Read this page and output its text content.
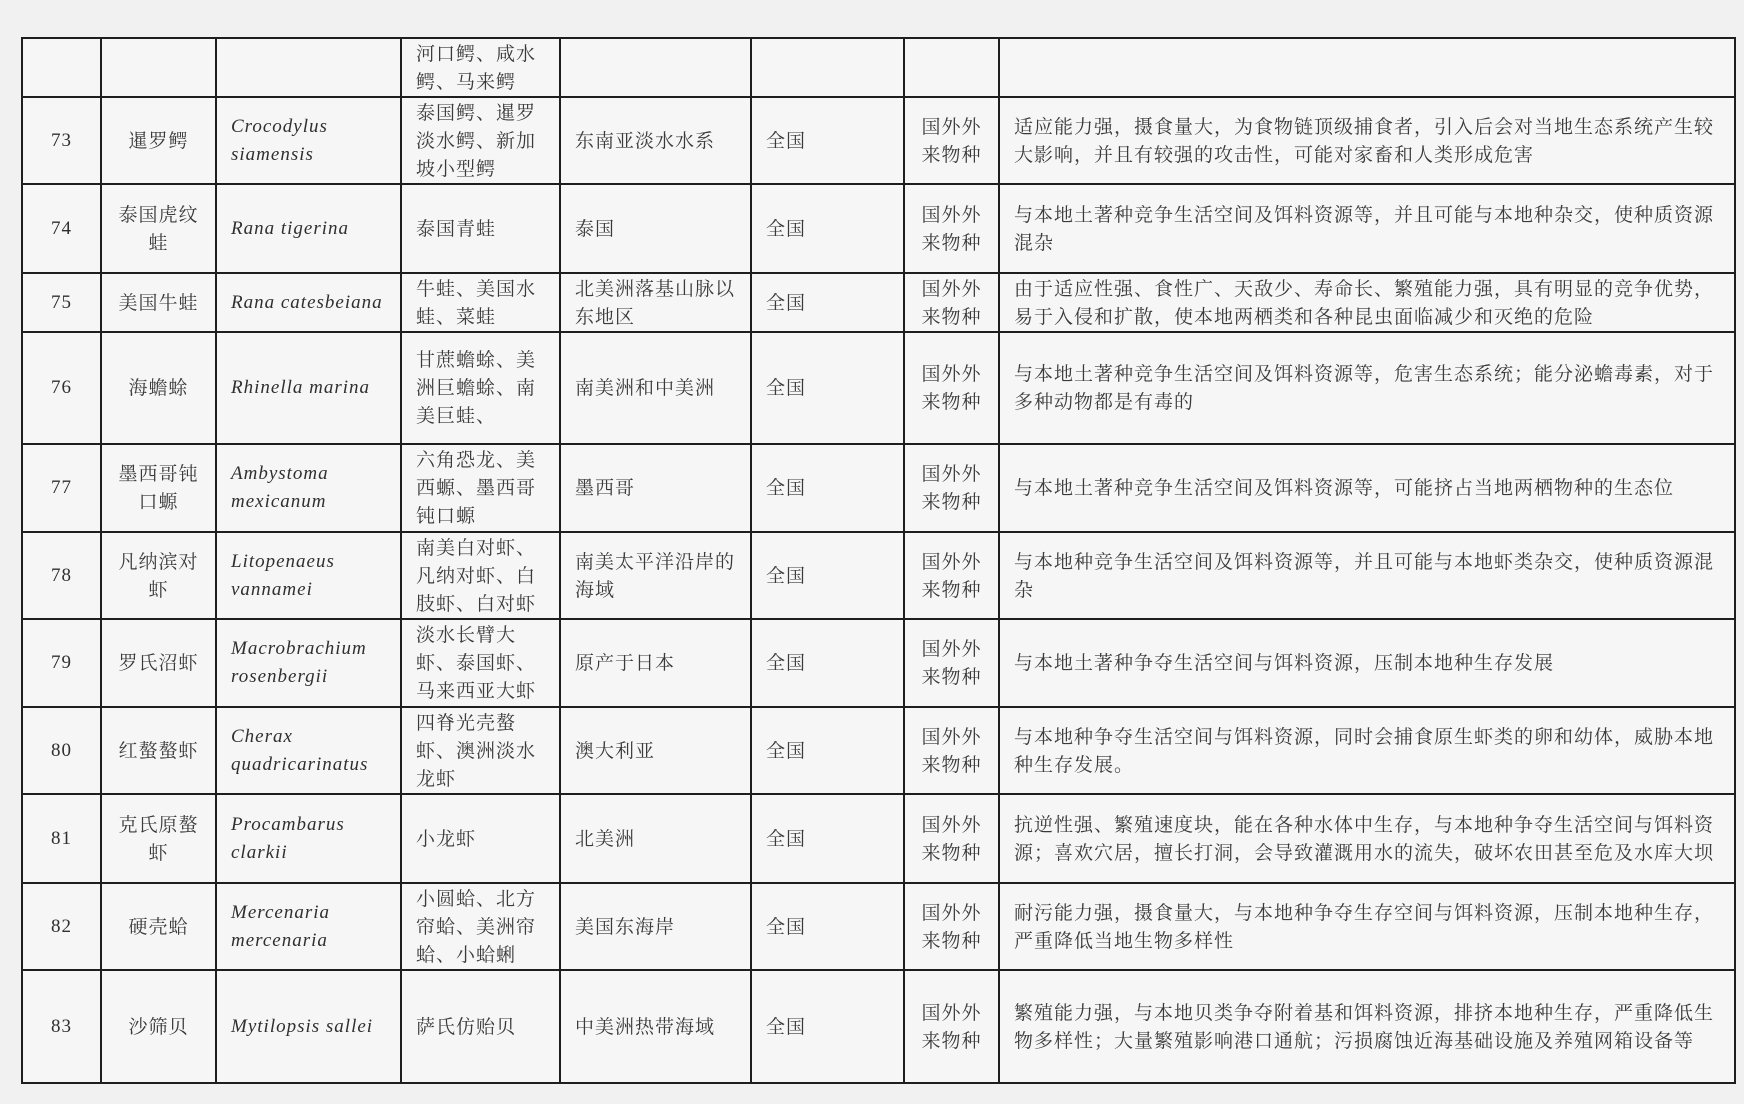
			河口鳄、咸水鳄、马来鳄				
73	暹罗鳄	Crocodylus siamensis	泰国鳄、暹罗淡水鳄、新加坡小型鳄	东南亚淡水水系	全国	国外外来物种	适应能力强，摄食量大，为食物链顶级捕食者，引入后会对当地生态系统产生较大影响，并且有较强的攻击性，可能对家畜和人类形成危害
74	泰国虎纹蛙	Rana tigerina	泰国青蛙	泰国	全国	国外外来物种	与本地土著种竞争生活空间及饵料资源等，并且可能与本地种杂交，使种质资源混杂
75	美国牛蛙	Rana catesbeiana	牛蛙、美国水蛙、菜蛙	北美洲落基山脉以东地区	全国	国外外来物种	由于适应性强、食性广、天敌少、寿命长、繁殖能力强，具有明显的竞争优势，易于入侵和扩散，使本地两栖类和各种昆虫面临减少和灭绝的危险
76	海蟾蜍	Rhinella marina	甘蔗蟾蜍、美洲巨蟾蜍、南美巨蛙、	南美洲和中美洲	全国	国外外来物种	与本地土著种竞争生活空间及饵料资源等，危害生态系统；能分泌蟾毒素，对于多种动物都是有毒的
77	墨西哥钝口螈	Ambystoma mexicanum	六角恐龙、美西螈、墨西哥钝口螈	墨西哥	全国	国外外来物种	与本地土著种竞争生活空间及饵料资源等，可能挤占当地两栖物种的生态位
78	凡纳滨对虾	Litopenaeus vannamei	南美白对虾、凡纳对虾、白肢虾、白对虾	南美太平洋沿岸的海域	全国	国外外来物种	与本地种竞争生活空间及饵料资源等，并且可能与本地虾类杂交，使种质资源混杂
79	罗氏沼虾	Macrobrachium rosenbergii	淡水长臂大虾、泰国虾、马来西亚大虾	原产于日本	全国	国外外来物种	与本地土著种争夺生活空间与饵料资源，压制本地种生存发展
80	红螯螯虾	Cherax quadricarinatus	四脊光壳螯虾、澳洲淡水龙虾	澳大利亚	全国	国外外来物种	与本地种争夺生活空间与饵料资源，同时会捕食原生虾类的卵和幼体，威胁本地种生存发展。
81	克氏原螯虾	Procambarus clarkii	小龙虾	北美洲	全国	国外外来物种	抗逆性强、繁殖速度块，能在各种水体中生存，与本地种争夺生活空间与饵料资源；喜欢穴居，擅长打洞，会导致灌溉用水的流失，破坏农田甚至危及水库大坝
82	硬壳蛤	Mercenaria mercenaria	小圆蛤、北方帘蛤、美洲帘蛤、小蛤蜊	美国东海岸	全国	国外外来物种	耐污能力强，摄食量大，与本地种争夺生存空间与饵料资源，压制本地种生存，严重降低当地生物多样性
83	沙筛贝	Mytilopsis sallei	萨氏仿贻贝	中美洲热带海域	全国	国外外来物种	繁殖能力强，与本地贝类争夺附着基和饵料资源，排挤本地种生存，严重降低生物多样性；大量繁殖影响港口通航；污损腐蚀近海基础设施及养殖网箱设备等
